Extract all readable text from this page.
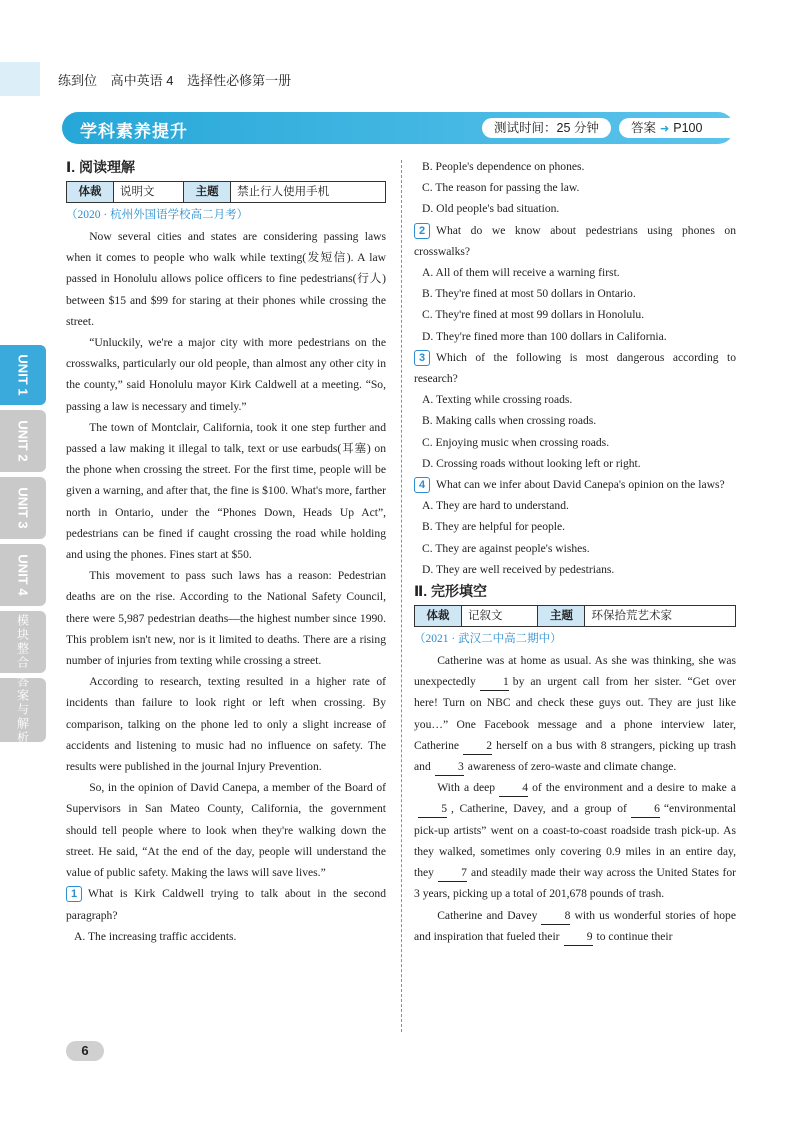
练到位 高中英语 4 选择性必修第一册
学科素养提升	测试时间：25 分钟	答案 ➜ P100
UNIT 1
UNIT 2
UNIT 3
UNIT 4
模块整合
答案与解析
Ⅰ. 阅读理解
体裁	说明文	主题	禁止行人使用手机

（2020 · 杭州外国语学校高二月考）

Now several cities and states are considering passing laws when it comes to people who walk while texting(发短信). A law passed in Honolulu allows police officers to fine pedestrians(行人) between $15 and $99 for staring at their phones while crossing the street.

“Unluckily, we're a major city with more pedestrians on the crosswalks, particularly our old people, than almost any other city in the county,” said Honolulu mayor Kirk Caldwell at a meeting. “So, passing a law is necessary and timely.”

The town of Montclair, California, took it one step further and passed a law making it illegal to talk, text or use earbuds(耳塞) on the phone when crossing the street. For the first time, people will be given a warning, and after that, the fine is $100. What's more, farther north in Ontario, under the “Phones Down, Heads Up Act”, pedestrians can be fined if caught crossing the road while holding and using the phones. Fines start at $50.

This movement to pass such laws has a reason: Pedestrian deaths are on the rise. According to the National Safety Council, there were 5,987 pedestrian deaths—the highest number since 1990. This problem isn't new, nor is it limited to deaths. There are a rising number of injuries from texting while crossing a street.

According to research, texting resulted in a higher rate of incidents than failure to look right or left when crossing. By comparison, talking on the phone led to only a slight increase of accidents and listening to music had no influence on safety. The results were published in the journal Injury Prevention.

So, in the opinion of David Canepa, a member of the Board of Supervisors in San Mateo County, California, the government should tell people where to look when they're walking down the street. He said, “At the end of the day, people will understand the value of public safety. Making the laws will save lives.”

1 What is Kirk Caldwell trying to talk about in the second paragraph?

A. The increasing traffic accidents.

B. People's dependence on phones.

C. The reason for passing the law.

D. Old people's bad situation.

2 What do we know about pedestrians using phones on crosswalks?

A. All of them will receive a warning first.

B. They're fined at most 50 dollars in Ontario.

C. They're fined at most 99 dollars in Honolulu.

D. They're fined more than 100 dollars in California.

3 Which of the following is most dangerous according to research?

A. Texting while crossing roads.

B. Making calls when crossing roads.

C. Enjoying music when crossing roads.

D. Crossing roads without looking left or right.

4 What can we infer about David Canepa's opinion on the laws?

A. They are hard to understand.

B. They are helpful for people.

C. They are against people's wishes.

D. They are well received by pedestrians.

Ⅱ. 完形填空
体裁	记叙文	主题	环保拾荒艺术家

（2021 · 武汉二中高二期中）

Catherine was at home as usual. As she was thinking, she was unexpectedly 1 by an urgent call from her sister. “Get over here! Turn on NBC and check these guys out. They are just like you…” One Facebook message and a phone interview later, Catherine 2 herself on a bus with 8 strangers, picking up trash and 3 awareness of zero-waste and climate change.

With a deep 4 of the environment and a desire to make a5 , Catherine, Davey, and a group of 6 “environmental pick-up artists” went on a coast-to-coast roadside trash pick-up. As they walked, sometimes only covering 0.9 miles in an entire day, they 7 and steadily made their way across the United States for 3 years, picking up a total of 201,678 pounds of trash.

Catherine and Davey 8 with us wonderful stories of hope and inspiration that fueled their 9 to continue their

6
